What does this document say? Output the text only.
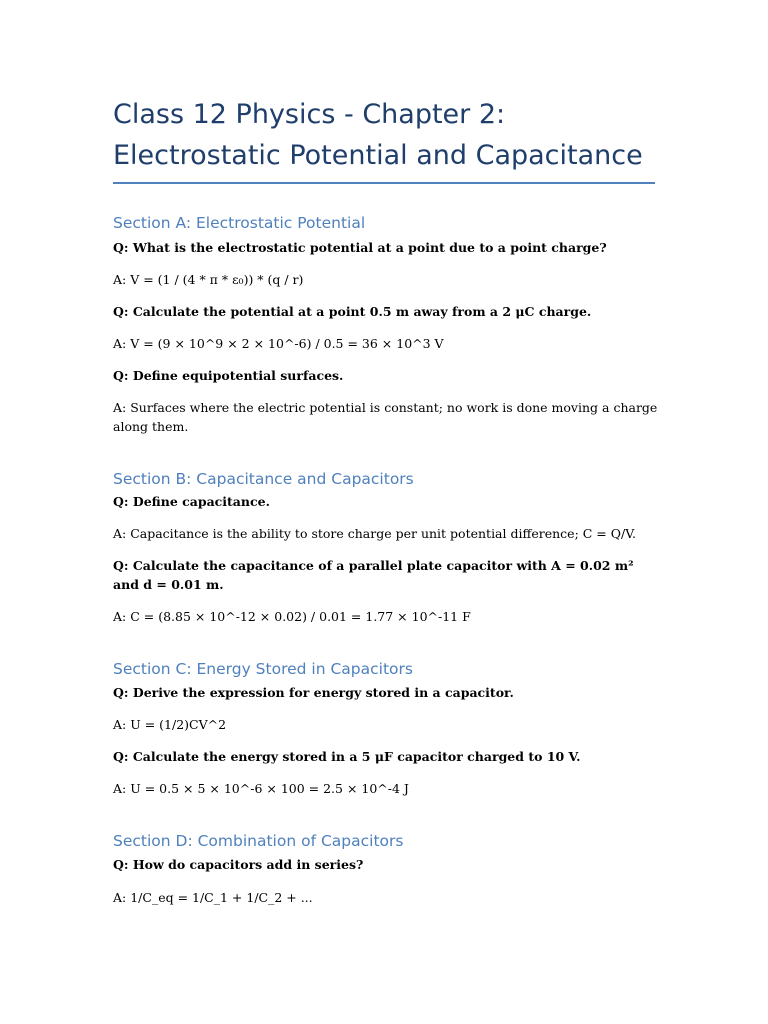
Class 12 Physics - Chapter 2:
Electrostatic Potential and Capacitance
Section A: Electrostatic Potential

Q: What is the electrostatic potential at a point due to a point charge?

A: V = (1 / (4 * π * ε₀)) * (q / r)

Q: Calculate the potential at a point 0.5 m away from a 2 μC charge.

A: V = (9 × 10^9 × 2 × 10^-6) / 0.5 = 36 × 10^3 V

Q: Define equipotential surfaces.

A: Surfaces where the electric potential is constant; no work is done moving a charge along them.

Section B: Capacitance and Capacitors

Q: Define capacitance.

A: Capacitance is the ability to store charge per unit potential difference; C = Q/V.

Q: Calculate the capacitance of a parallel plate capacitor with A = 0.02 m² and d = 0.01 m.

A: C = (8.85 × 10^-12 × 0.02) / 0.01 = 1.77 × 10^-11 F

Section C: Energy Stored in Capacitors

Q: Derive the expression for energy stored in a capacitor.

A: U = (1/2)CV^2

Q: Calculate the energy stored in a 5 μF capacitor charged to 10 V.

A: U = 0.5 × 5 × 10^-6 × 100 = 2.5 × 10^-4 J

Section D: Combination of Capacitors

Q: How do capacitors add in series?

A: 1/C_eq = 1/C_1 + 1/C_2 + ...
